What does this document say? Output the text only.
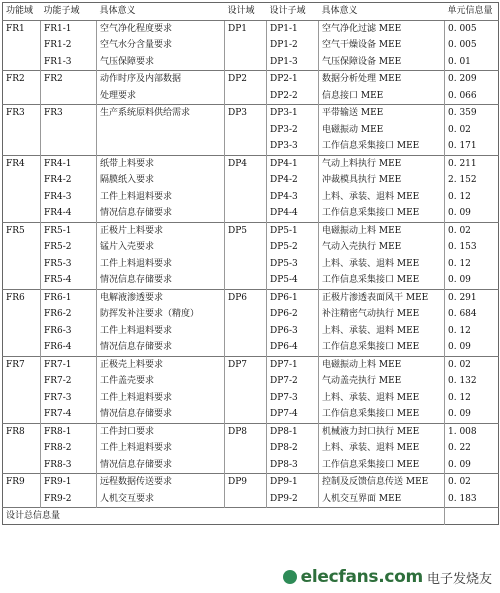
功能域	功能子域	具体意义	设计域	设计子域	具体意义	单元信息量
FR1	FR1-1	空气净化程度要求	DP1	DP1-1	空气净化过滤 MEE	0. 005
	FR1-2	空气水分含量要求		DP1-2	空气干燥设备 MEE	0. 005
	FR1-3	气压保障要求		DP1-3	气压保障设备 MEE	0. 01
FR2	FR2	动作时序及内部数据	DP2	DP2-1	数据分析处理 MEE	0. 209
		处理要求		DP2-2	信息接口 MEE	0. 066
FR3	FR3	生产系统原料供给需求	DP3	DP3-1	平带输送 MEE	0. 359
				DP3-2	电磁振动 MEE	0. 02
				DP3-3	工作信息采集接口 MEE	0. 171
FR4	FR4-1	纸带上料要求	DP4	DP4-1	气动上料执行 MEE	0. 211
	FR4-2	隔膜纸入要求		DP4-2	冲裁模具执行 MEE	2. 152
	FR4-3	工件上料退料要求		DP4-3	上料、承装、退料 MEE	0. 12
	FR4-4	情况信息存储要求		DP4-4	工作信息采集接口 MEE	0. 09
FR5	FR5-1	正极片上料要求	DP5	DP5-1	电磁振动上料 MEE	0. 02
	FR5-2	锰片入壳要求		DP5-2	气动入壳执行 MEE	0. 153
	FR5-3	工件上料退料要求		DP5-3	上料、承装、退料 MEE	0. 12
	FR5-4	情况信息存储要求		DP5-4	工作信息采集接口 MEE	0. 09
FR6	FR6-1	电解液渗透要求	DP6	DP6-1	正极片渗透表面风干 MEE	0. 291
	FR6-2	防挥发补注要求（精度）		DP6-2	补注精密气动执行 MEE	0. 684
	FR6-3	工件上料退料要求		DP6-3	上料、承装、退料 MEE	0. 12
	FR6-4	情况信息存储要求		DP6-4	工作信息采集接口 MEE	0. 09
FR7	FR7-1	正极壳上料要求	DP7	DP7-1	电磁振动上料 MEE	0. 02
	FR7-2	工件盖壳要求		DP7-2	气动盖壳执行 MEE	0. 132
	FR7-3	工件上料退料要求		DP7-3	上料、承装、退料 MEE	0. 12
	FR7-4	情况信息存储要求		DP7-4	工作信息采集接口 MEE	0. 09
FR8	FR8-1	工件封口要求	DP8	DP8-1	机械液力封口执行 MEE	1. 008
	FR8-2	工件上料退料要求		DP8-2	上料、承装、退料 MEE	0. 22
	FR8-3	情况信息存储要求		DP8-3	工作信息采集接口 MEE	0. 09
FR9	FR9-1	远程数据传送要求	DP9	DP9-1	控制及反馈信息传送 MEE	0. 02
	FR9-2	人机交互要求		DP9-2	人机交互界面 MEE	0. 183
设计总信息量						
elecfans.com 电子发烧友
